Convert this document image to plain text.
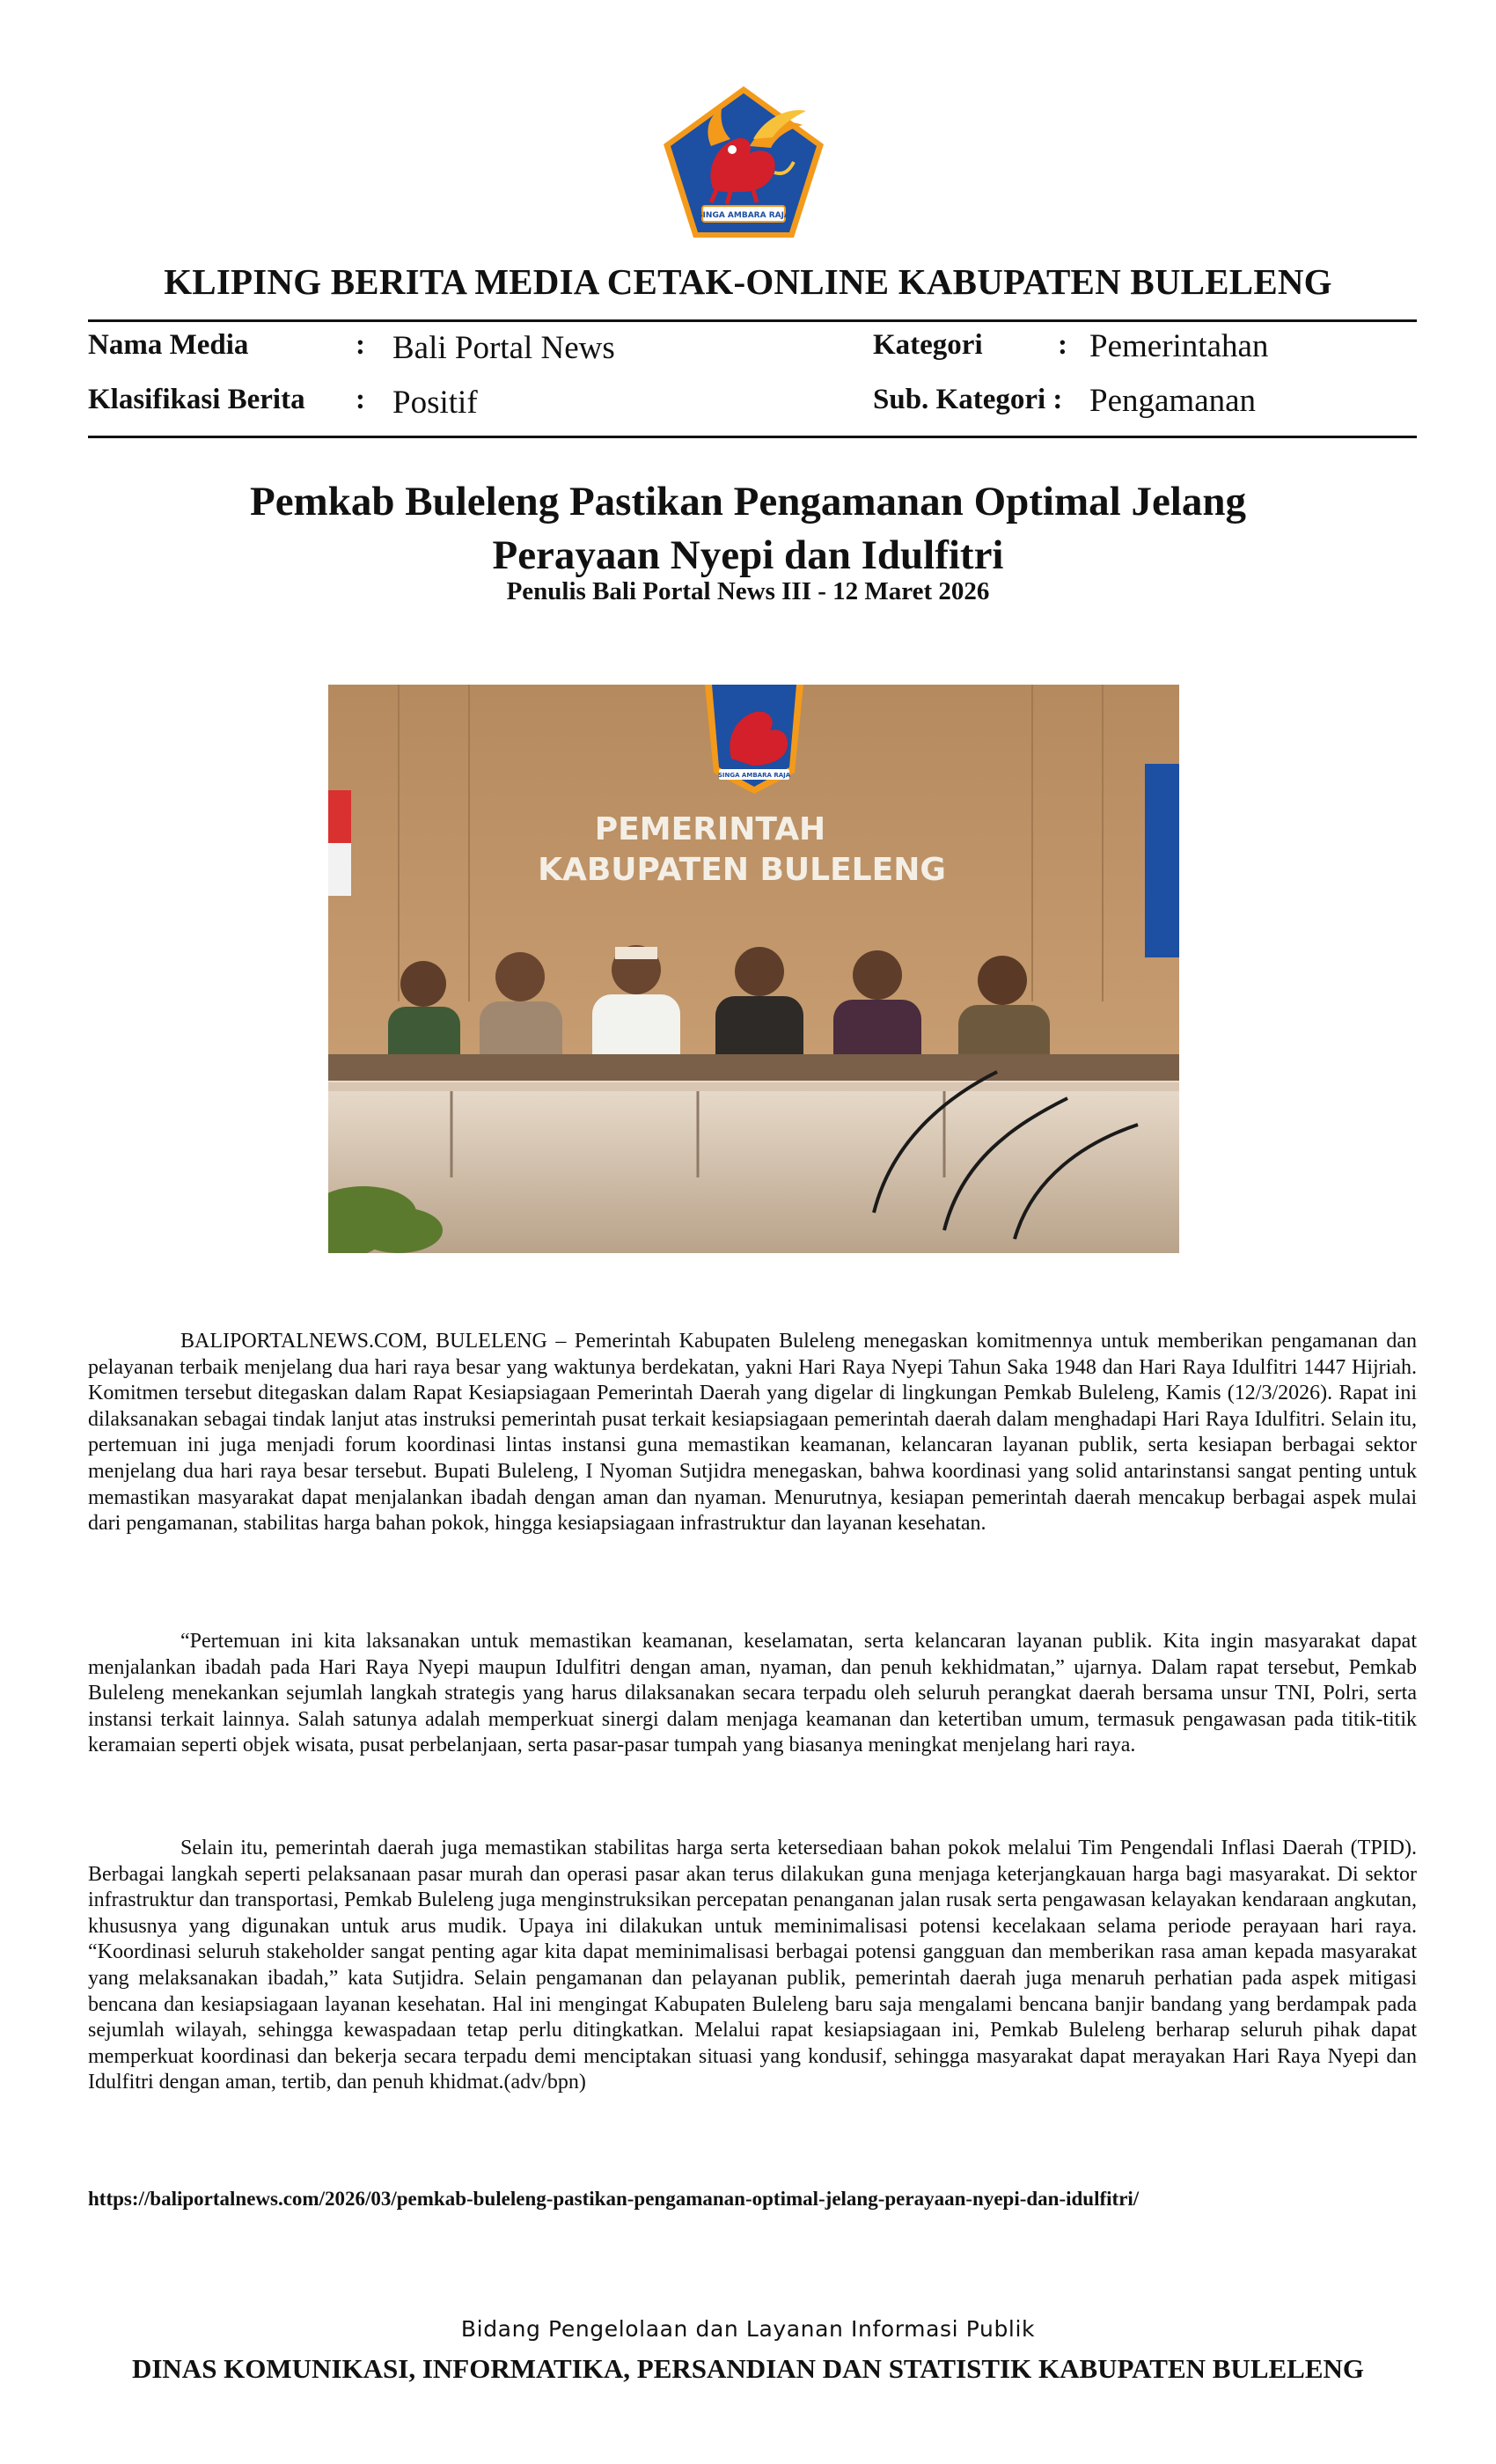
SINGA AMBARA RAJA
KLIPING BERITA MEDIA CETAK-ONLINE KABUPATEN BULELENG
Nama Media	: Bali Portal News
Klasifikasi Berita : Positif
Kategori	: Pemerintahan
Sub. Kategori : Pengamanan
Pemkab Buleleng Pastikan Pengamanan Optimal Jelang
Perayaan Nyepi dan Idulfitri
Penulis Bali Portal News III - 12 Maret 2026
SINGA AMBARA RAJA
PEMERINTAH
KABUPATEN BULELENG

BALIPORTALNEWS.COM, BULELENG – Pemerintah Kabupaten Buleleng menegaskan komitmennya untuk memberikan pengamanan dan pelayanan terbaik menjelang dua hari raya besar yang waktunya berdekatan, yakni Hari Raya Nyepi Tahun Saka 1948 dan Hari Raya Idulfitri 1447 Hijriah. Komitmen tersebut ditegaskan dalam Rapat Kesiapsiagaan Pemerintah Daerah yang digelar di lingkungan Pemkab Buleleng, Kamis (12/3/2026). Rapat ini dilaksanakan sebagai tindak lanjut atas instruksi pemerintah pusat terkait kesiapsiagaan pemerintah daerah dalam menghadapi Hari Raya Idulfitri. Selain itu, pertemuan ini juga menjadi forum koordinasi lintas instansi guna memastikan keamanan, kelancaran layanan publik, serta kesiapan berbagai sektor menjelang dua hari raya besar tersebut. Bupati Buleleng, I Nyoman Sutjidra menegaskan, bahwa koordinasi yang solid antarinstansi sangat penting untuk memastikan masyarakat dapat menjalankan ibadah dengan aman dan nyaman. Menurutnya, kesiapan pemerintah daerah mencakup berbagai aspek mulai dari pengamanan, stabilitas harga bahan pokok, hingga kesiapsiagaan infrastruktur dan layanan kesehatan.

“Pertemuan ini kita laksanakan untuk memastikan keamanan, keselamatan, serta kelancaran layanan publik. Kita ingin masyarakat dapat menjalankan ibadah pada Hari Raya Nyepi maupun Idulfitri dengan aman, nyaman, dan penuh kekhidmatan,” ujarnya. Dalam rapat tersebut, Pemkab Buleleng menekankan sejumlah langkah strategis yang harus dilaksanakan secara terpadu oleh seluruh perangkat daerah bersama unsur TNI, Polri, serta instansi terkait lainnya. Salah satunya adalah memperkuat sinergi dalam menjaga keamanan dan ketertiban umum, termasuk pengawasan pada titik-titik keramaian seperti objek wisata, pusat perbelanjaan, serta pasar-pasar tumpah yang biasanya meningkat menjelang hari raya.

Selain itu, pemerintah daerah juga memastikan stabilitas harga serta ketersediaan bahan pokok melalui Tim Pengendali Inflasi Daerah (TPID). Berbagai langkah seperti pelaksanaan pasar murah dan operasi pasar akan terus dilakukan guna menjaga keterjangkauan harga bagi masyarakat. Di sektor infrastruktur dan transportasi, Pemkab Buleleng juga menginstruksikan percepatan penanganan jalan rusak serta pengawasan kelayakan kendaraan angkutan, khususnya yang digunakan untuk arus mudik. Upaya ini dilakukan untuk meminimalisasi potensi kecelakaan selama periode perayaan hari raya. “Koordinasi seluruh stakeholder sangat penting agar kita dapat meminimalisasi berbagai potensi gangguan dan memberikan rasa aman kepada masyarakat yang melaksanakan ibadah,” kata Sutjidra. Selain pengamanan dan pelayanan publik, pemerintah daerah juga menaruh perhatian pada aspek mitigasi bencana dan kesiapsiagaan layanan kesehatan. Hal ini mengingat Kabupaten Buleleng baru saja mengalami bencana banjir bandang yang berdampak pada sejumlah wilayah, sehingga kewaspadaan tetap perlu ditingkatkan. Melalui rapat kesiapsiagaan ini, Pemkab Buleleng berharap seluruh pihak dapat memperkuat koordinasi dan bekerja secara terpadu demi menciptakan situasi yang kondusif, sehingga masyarakat dapat merayakan Hari Raya Nyepi dan Idulfitri dengan aman, tertib, dan penuh khidmat.(adv/bpn)

https://baliportalnews.com/2026/03/pemkab-buleleng-pastikan-pengamanan-optimal-jelang-perayaan-nyepi-dan-idulfitri/
Bidang Pengelolaan dan Layanan Informasi Publik
DINAS KOMUNIKASI, INFORMATIKA, PERSANDIAN DAN STATISTIK KABUPATEN BULELENG
